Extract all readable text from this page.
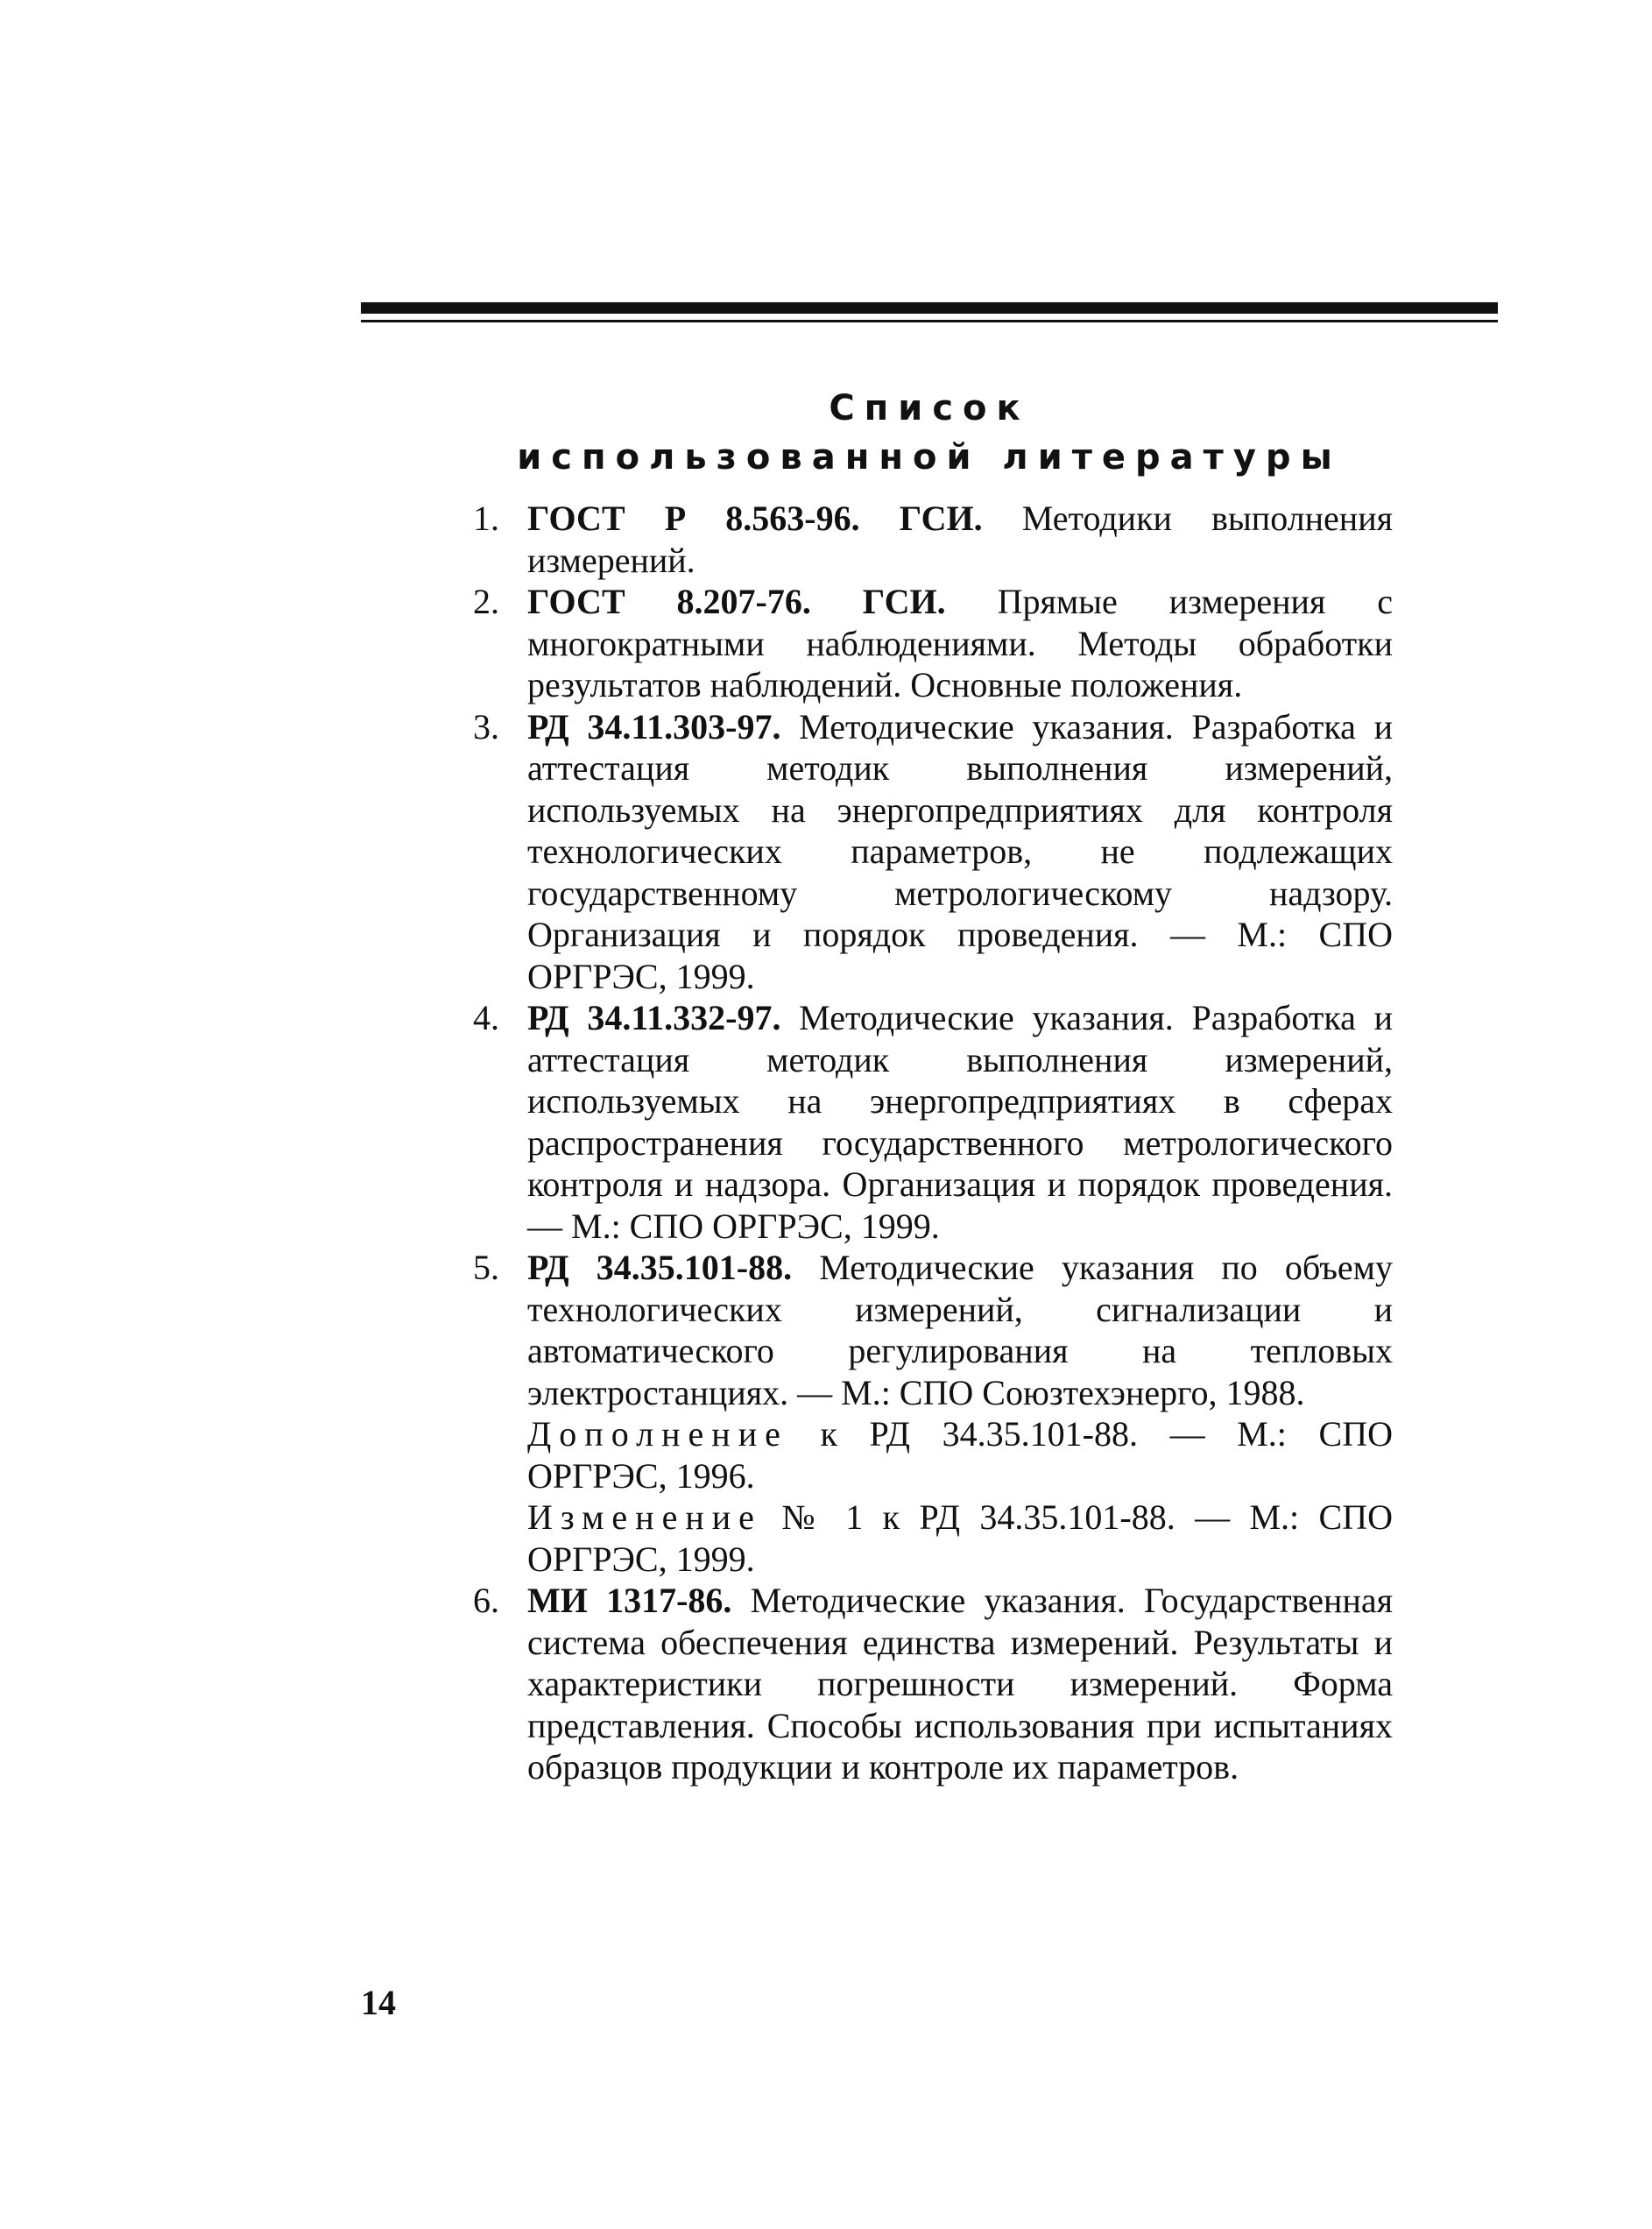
Список
использованной литературы
1. ГОСТ Р 8.563-96. ГСИ. Методики выполнения измерений.
2. ГОСТ 8.207-76. ГСИ. Прямые измерения с многократными наблюдениями. Методы обработки результатов наблюдений. Основные положения.
3. РД 34.11.303-97. Методические указания. Разработка и аттестация методик выполнения измерений, используемых на энергопредприятиях для контроля технологических параметров, не подлежащих государственному метрологическому надзору. Организация и порядок проведения. — М.: СПО ОРГРЭС, 1999.
4. РД 34.11.332-97. Методические указания. Разработка и аттестация методик выполнения измерений, используемых на энергопредприятиях в сферах распространения государственного метрологического контроля и надзора. Организация и порядок проведения. — М.: СПО ОРГРЭС, 1999.
5. РД 34.35.101-88. Методические указания по объему технологических измерений, сигнализации и автоматического регулирования на тепловых электростанциях. — М.: СПО Союзтехэнерго, 1988.
Дополнение к РД 34.35.101-88. — М.: СПО ОРГРЭС, 1996.
Изменение № 1 к РД 34.35.101-88. — М.: СПО ОРГРЭС, 1999.
6. МИ 1317-86. Методические указания. Государственная система обеспечения единства измерений. Результаты и характеристики погрешности измерений. Форма представления. Способы использования при испытаниях образцов продукции и контроле их параметров.
14
